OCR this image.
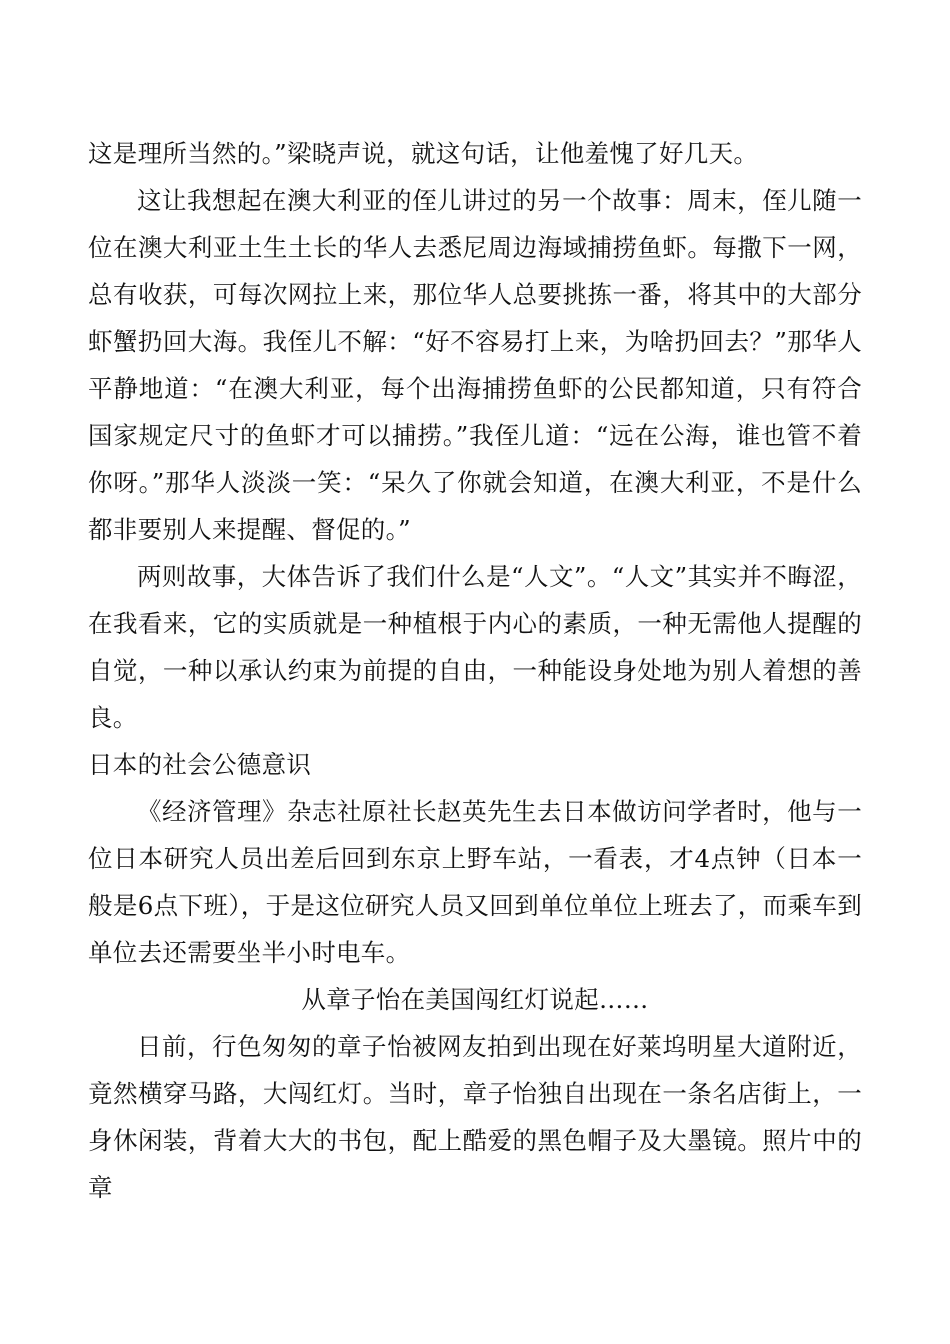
这是理所当然的。”梁晓声说，就这句话，让他羞愧了好几天。

这让我想起在澳大利亚的侄儿讲过的另一个故事：周末，侄儿随一位在澳大利亚土生土长的华人去悉尼周边海域捕捞鱼虾。每撒下一网，总有收获，可每次网拉上来，那位华人总要挑拣一番，将其中的大部分虾蟹扔回大海。我侄儿不解：“好不容易打上来，为啥扔回去？”那华人平静地道：“在澳大利亚，每个出海捕捞鱼虾的公民都知道，只有符合国家规定尺寸的鱼虾才可以捕捞。”我侄儿道：“远在公海，谁也管不着你呀。”那华人淡淡一笑：“呆久了你就会知道，在澳大利亚，不是什么都非要别人来提醒、督促的。”

两则故事，大体告诉了我们什么是“人文”。“人文”其实并不晦涩，在我看来，它的实质就是一种植根于内心的素质，一种无需他人提醒的自觉，一种以承认约束为前提的自由，一种能设身处地为别人着想的善良。

日本的社会公德意识

《经济管理》杂志社原社长赵英先生去日本做访问学者时，他与一位日本研究人员出差后回到东京上野车站，一看表，才4点钟（日本一般是6点下班），于是这位研究人员又回到单位单位上班去了，而乘车到单位去还需要坐半小时电车。

从章子怡在美国闯红灯说起……

日前，行色匆匆的章子怡被网友拍到出现在好莱坞明星大道附近，竟然横穿马路，大闯红灯。当时，章子怡独自出现在一条名店街上，一身休闲装，背着大大的书包，配上酷爱的黑色帽子及大墨镜。照片中的章
